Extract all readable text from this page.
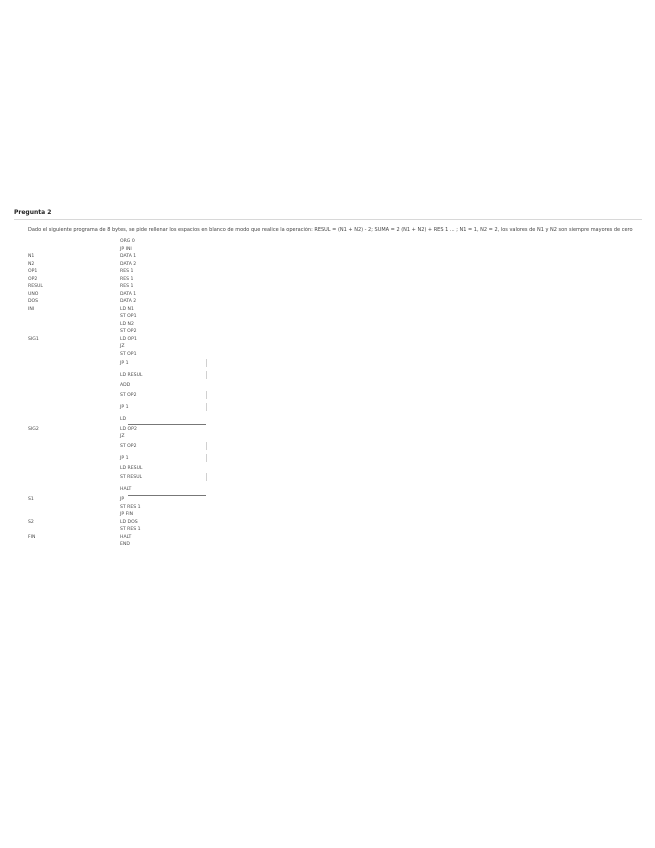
Pregunta 2
Dado el siguiente programa de 8 bytes, se pide rellenar los espacios en blanco de modo que realice la operación: RESUL = (N1 + N2) - 2; SUMA = 2 (N1 + N2) + RES 1 ... ; N1 = 1, N2 = 2, los valores de N1 y N2 son siempre mayores de cero
ORG 0
JP INI
N1	DATA 1
N2	DATA 2
OP1	RES 1
OP2	RES 1
RESUL	RES 1
UNO	DATA 1
DOS	DATA 2
INI	LD N1
ST OP1
LD N2
ST OP2
SIG1	LD OP1
JZ
ST OP1
JP 1
LD RESUL
ADD
ST OP2
JP 1
LD
SIG2	LD OP2
JZ
ST OP2
JP 1
LD RESUL
ST RESUL
HALT
S1	JP
ST RES 1
JP FIN
S2	LD DOS
ST RES 1
FIN	HALT
END
